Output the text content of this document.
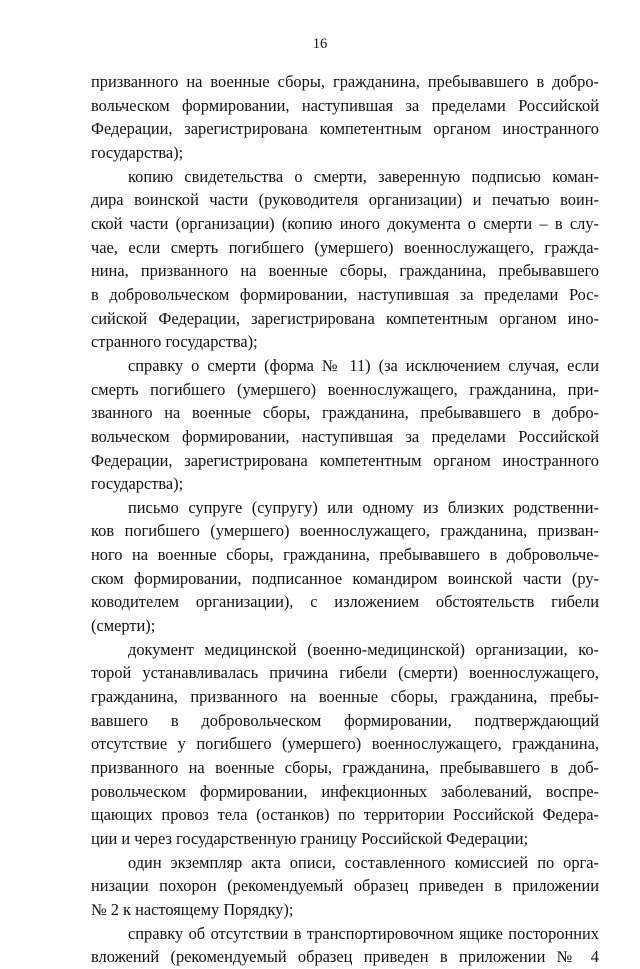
16
призванного на военные сборы, гражданина, пребывавшего в добро-
вольческом формировании, наступившая за пределами Российской
Федерации, зарегистрирована компетентным органом иностранного
государства);
копию свидетельства о смерти, заверенную подписью коман-
дира воинской части (руководителя организации) и печатью воин-
ской части (организации) (копию иного документа о смерти – в слу-
чае, если смерть погибшего (умершего) военнослужащего, гражда-
нина, призванного на военные сборы, гражданина, пребывавшего
в добровольческом формировании, наступившая за пределами Рос-
сийской Федерации, зарегистрирована компетентным органом ино-
странного государства);
справку о смерти (форма № 11) (за исключением случая, если
смерть погибшего (умершего) военнослужащего, гражданина, при-
званного на военные сборы, гражданина, пребывавшего в добро-
вольческом формировании, наступившая за пределами Российской
Федерации, зарегистрирована компетентным органом иностранного
государства);
письмо супруге (супругу) или одному из близких родственни-
ков погибшего (умершего) военнослужащего, гражданина, призван-
ного на военные сборы, гражданина, пребывавшего в добровольче-
ском формировании, подписанное командиром воинской части (ру-
ководителем организации), с изложением обстоятельств гибели
(смерти);
документ медицинской (военно-медицинской) организации, ко-
торой устанавливалась причина гибели (смерти) военнослужащего,
гражданина, призванного на военные сборы, гражданина, пребы-
вавшего в добровольческом формировании, подтверждающий
отсутствие у погибшего (умершего) военнослужащего, гражданина,
призванного на военные сборы, гражданина, пребывавшего в доб-
ровольческом формировании, инфекционных заболеваний, воспре-
щающих провоз тела (останков) по территории Российской Федера-
ции и через государственную границу Российской Федерации;
один экземпляр акта описи, составленного комиссией по орга-
низации похорон (рекомендуемый образец приведен в приложении
№ 2 к настоящему Порядку);
справку об отсутствии в транспортировочном ящике посторонних
вложений (рекомендуемый образец приведен в приложении № 4
